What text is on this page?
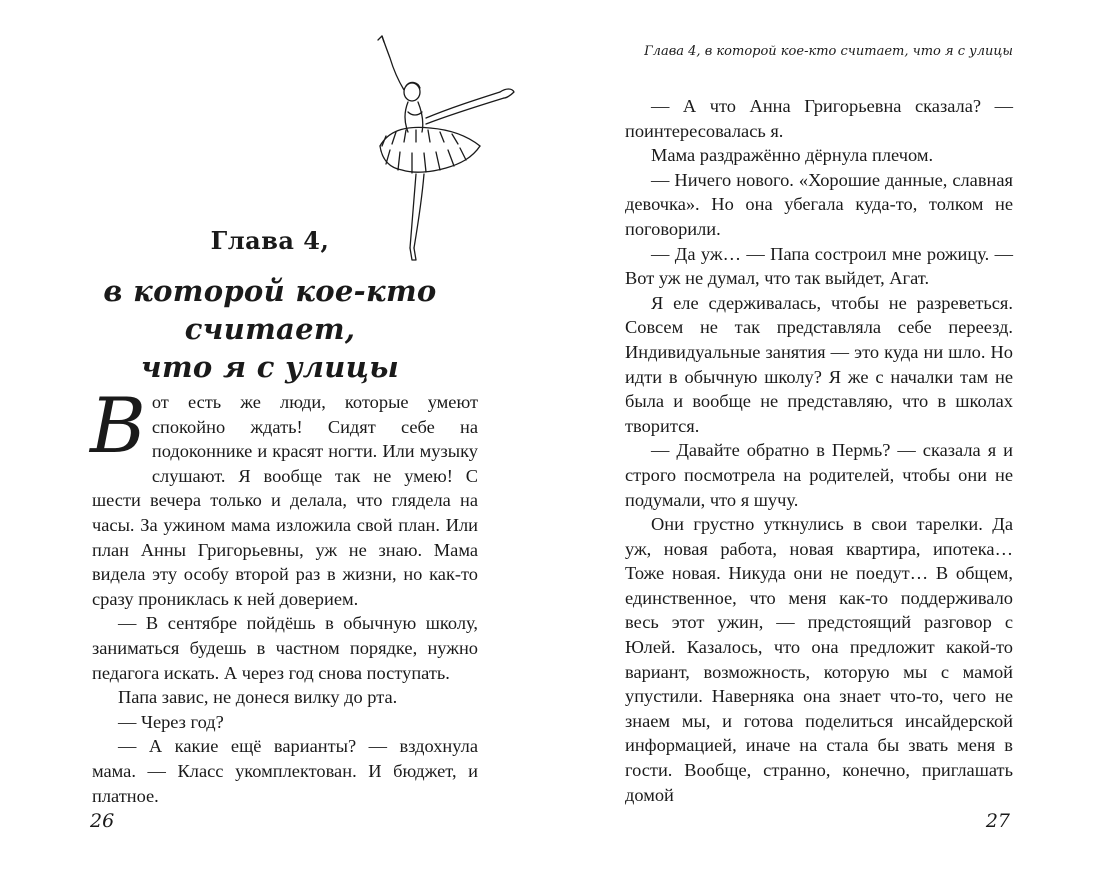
Глава 4,
в которой кое-кто считает,
что я с улицы

Вот есть же люди, которые умеют спокойно ждать! Сидят себе на подоконнике и красят ногти. Или музыку слушают. Я вообще так не умею! С шести вечера только и делала, что глядела на часы. За ужином мама изложила свой план. Или план Анны Григорьевны, уж не знаю. Мама видела эту особу второй раз в жизни, но как-то сразу прониклась к ней доверием.

— В сентябре пойдёшь в обычную школу, заниматься будешь в частном порядке, нужно педагога искать. А через год снова поступать.

Папа завис, не донеся вилку до рта.

— Через год?

— А какие ещё варианты? — вздохнула мама. — Класс укомплектован. И бюджет, и платное.

26

Глава 4, в которой кое-кто считает, что я с улицы

— А что Анна Григорьевна сказала? — поинтересовалась я.

Мама раздражённо дёрнула плечом.

— Ничего нового. «Хорошие данные, славная девочка». Но она убегала куда-то, толком не поговорили.

— Да уж… — Папа состроил мне рожицу. — Вот уж не думал, что так выйдет, Агат.

Я еле сдерживалась, чтобы не разреветься. Совсем не так представляла себе переезд. Индивидуальные занятия — это куда ни шло. Но идти в обычную школу? Я же с началки там не была и вообще не представляю, что в школах творится.

— Давайте обратно в Пермь? — сказала я и строго посмотрела на родителей, чтобы они не подумали, что я шучу.

Они грустно уткнулись в свои тарелки. Да уж, новая работа, новая квартира, ипотека… Тоже новая. Никуда они не поедут… В общем, единственное, что меня как-то поддерживало весь этот ужин, — предстоящий разговор с Юлей. Казалось, что она предложит какой-то вариант, возможность, которую мы с мамой упустили. Наверняка она знает что-то, чего не знаем мы, и готова поделиться инсайдерской информацией, иначе на стала бы звать меня в гости. Вообще, странно, конечно, приглашать домой

27
